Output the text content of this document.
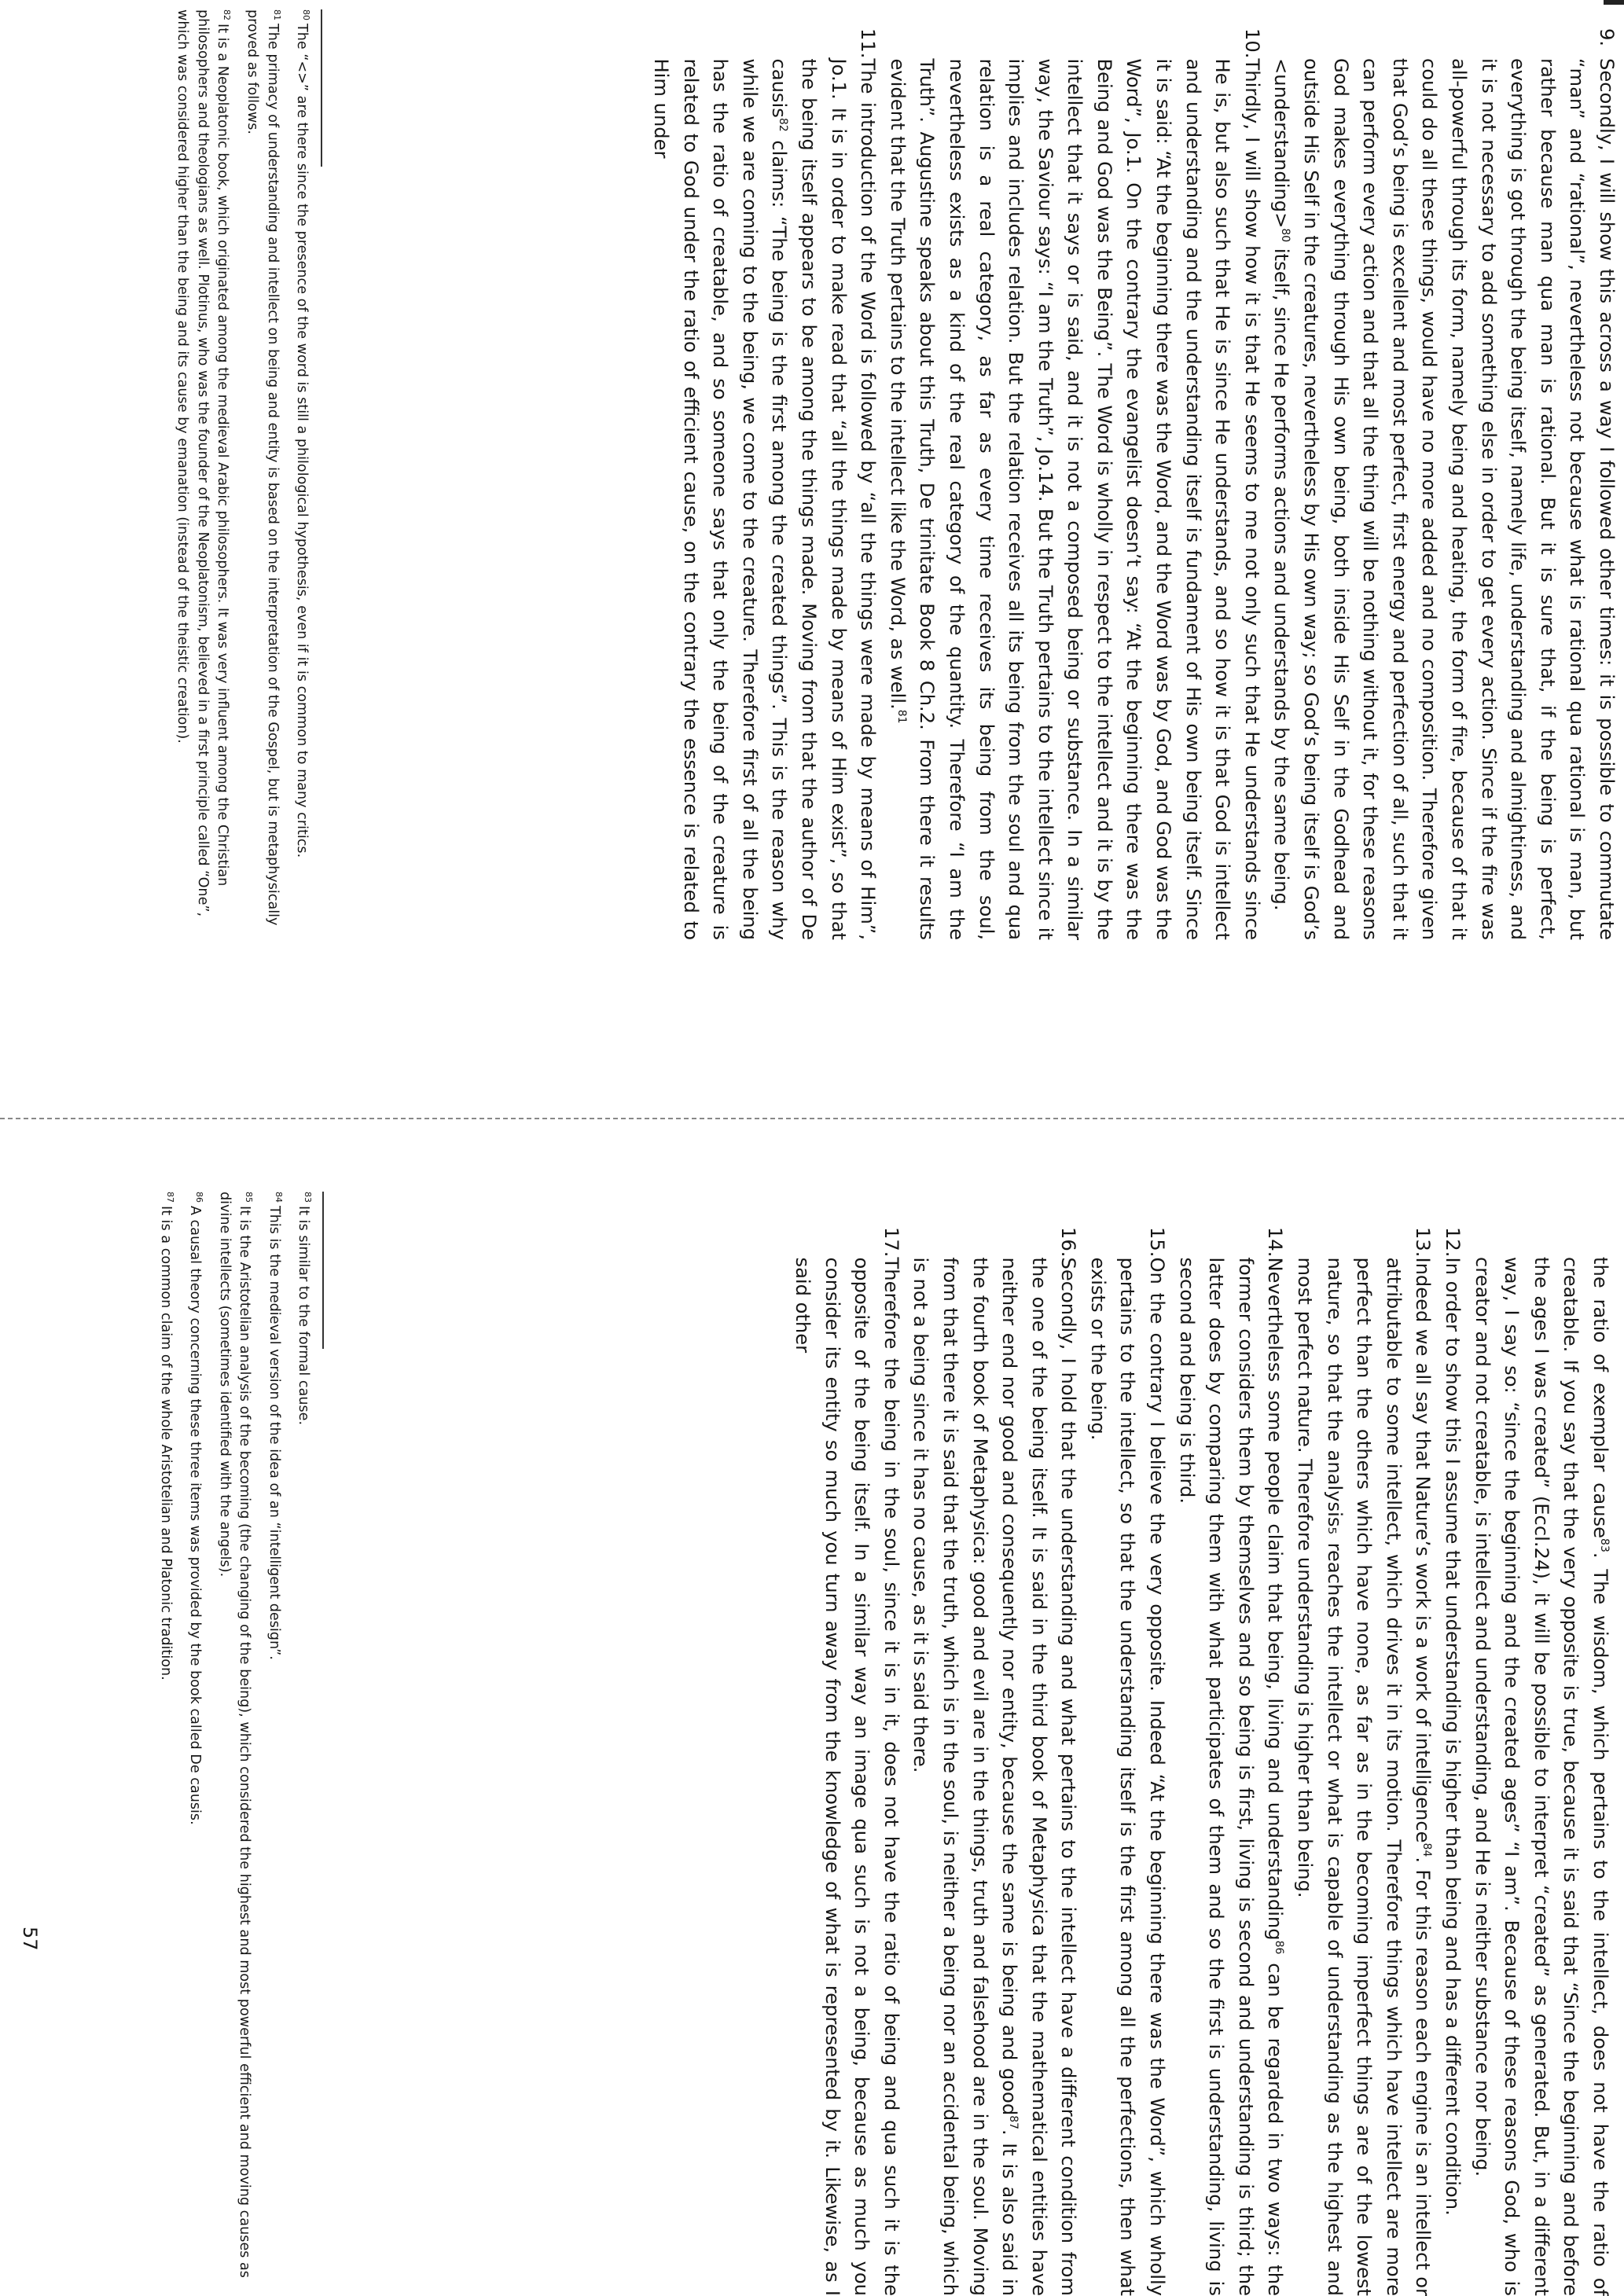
9.
Secondly, I will show this across a way I followed other times: it is possible to commutate “man” and “rational”, nevertheless not because what is rational qua rational is man, but rather because man qua man is rational. But it is sure that, if the being is perfect, everything is got through the being itself, namely life, understanding and almightiness, and it is not necessary to add something else in order to get every action. Since if the fire was all-powerful through its form, namely being and heating, the form of fire, because of that it could do all these things, would have no more added and no composition. Therefore given that God’s being is excellent and most perfect, first energy and perfection of all, such that it can perform every action and that all the thing will be nothing without it, for these reasons God makes everything through His own being, both inside His Self in the Godhead and outside His Self in the creatures, nevertheless by His own way; so God’s being itself is God’s <understanding>$^{80}$ itself, since He performs actions and understands by the same being.
10.
Thirdly, I will show how it is that He seems to me not only such that He understands since He is, but also such that He is since He understands, and so how it is that God is intellect and understanding and the understanding itself is fundament of His own being itself. Since it is said: “At the beginning there was the Word, and the Word was by God, and God was the Word”, Jo.1. On the contrary the evangelist doesn’t say: “At the beginning there was the Being and God was the Being”. The Word is wholly in respect to the intellect and it is by the intellect that it says or is said, and it is not a composed being or substance. In a similar way, the Saviour says: “I am the Truth”, Jo.14. But the Truth pertains to the intellect since it implies and includes relation. But the relation receives all its being from the soul and qua relation is a real category, as far as every time receives its being from the soul, nevertheless exists as a kind of the real category of the quantity. Therefore “I am the Truth”. Augustine speaks about this Truth, De trinitate Book 8 Ch.2. From there it results evident that the Truth pertains to the intellect like the Word, as well.$^{81}$
11.
The introduction of the Word is followed by “all the things were made by means of Him”, Jo.1. It is in order to make read that “all the things made by means of Him exist”, so that the being itself appears to be among the things made. Moving from that the author of De causis$^{82}$ claims: “The being is the first among the created things”. This is the reason why while we are coming to the being, we come to the creature. Therefore first of all the being has the ratio of creatable, and so someone says that only the being of the creature is related to God under the ratio of efficient cause, on the contrary the essence is related to Him under
$^{80}$The “<>” are there since the presence of the word is still a philological hypothesis, even if it is common to many critics.
$^{81}$The primacy of understanding and intellect on being and entity is based on the interpretation of the Gospel, but is metaphysically proved as follows.
$^{82}$It is a Neoplatonic book, which originated among the medieval Arabic philosophers. It was very influent among the Christian philosophers and theologians as well. Plotinus, who was the founder of the Neoplatonism, believed in a first principle called “One”, which was considered higher than the being and its cause by emanation (instead of the theistic creation).
the ratio of exemplar cause$^{83}$. The wisdom, which pertains to the intellect, does not have the ratio of creatable. If you say that the very opposite is true, because it is said that “Since the beginning and before the ages I was created” (Eccl.24), it will be possible to interpret “created” as generated. But, in a different way, I say so: “since the beginning and the created ages” “I am”. Because of these reasons God, who is creator and not creatable, is intellect and understanding, and He is neither substance nor being.
12.
In order to show this I assume that understanding is higher than being and has a different condition.
13.
Indeed we all say that Nature’s work is a work of intelligence$^{84}$. For this reason each engine is an intellect or attributable to some intellect, which drives it in its motion. Therefore things which have intellect are more perfect than the others which have none, as far as in the becoming imperfect things are of the lowest nature, so that the analysis₅ reaches the intellect or what is capable of understanding as the highest and most perfect nature. Therefore understanding is higher than being.
14.
Nevertheless some people claim that being, living and understanding$^{86}$ can be regarded in two ways: the former considers them by themselves and so being is first, living is second and understanding is third; the latter does by comparing them with what participates of them and so the first is understanding, living is second and being is third.
15.
On the contrary I believe the very opposite. Indeed “At the beginning there was the Word”, which wholly pertains to the intellect, so that the understanding itself is the first among all the perfections, then what exists or the being.
16.
Secondly, I hold that the understanding and what pertains to the intellect have a different condition from the one of the being itself. It is said in the third book of Metaphysica that the mathematical entities have neither end nor good and consequently nor entity, because the same is being and good$^{87}$. It is also said in the fourth book of Metaphysica: good and evil are in the things, truth and falsehood are in the soul. Moving from that there it is said that the truth, which is in the soul, is neither a being nor an accidental being, which is not a being since it has no cause, as it is said there.
17.
Therefore the being in the soul, since it is in it, does not have the ratio of being and qua such it is the opposite of the being itself. In a similar way an image qua such is not a being, because as much you consider its entity so much you turn away from the knowledge of what is represented by it. Likewise, as I said other
$^{83}$It is similar to the formal cause.
$^{84}$This is the medieval version of the idea of an “intelligent design”.
$^{85}$It is the Aristotelian analysis of the becoming (the changing of the being), which considered the highest and most powerful efficient and moving causes as divine intellects (sometimes identified with the angels).
$^{86}$A causal theory concerning these three items was provided by the book called De causis.
$^{87}$It is a common claim of the whole Aristotelian and Platonic tradition.
57
